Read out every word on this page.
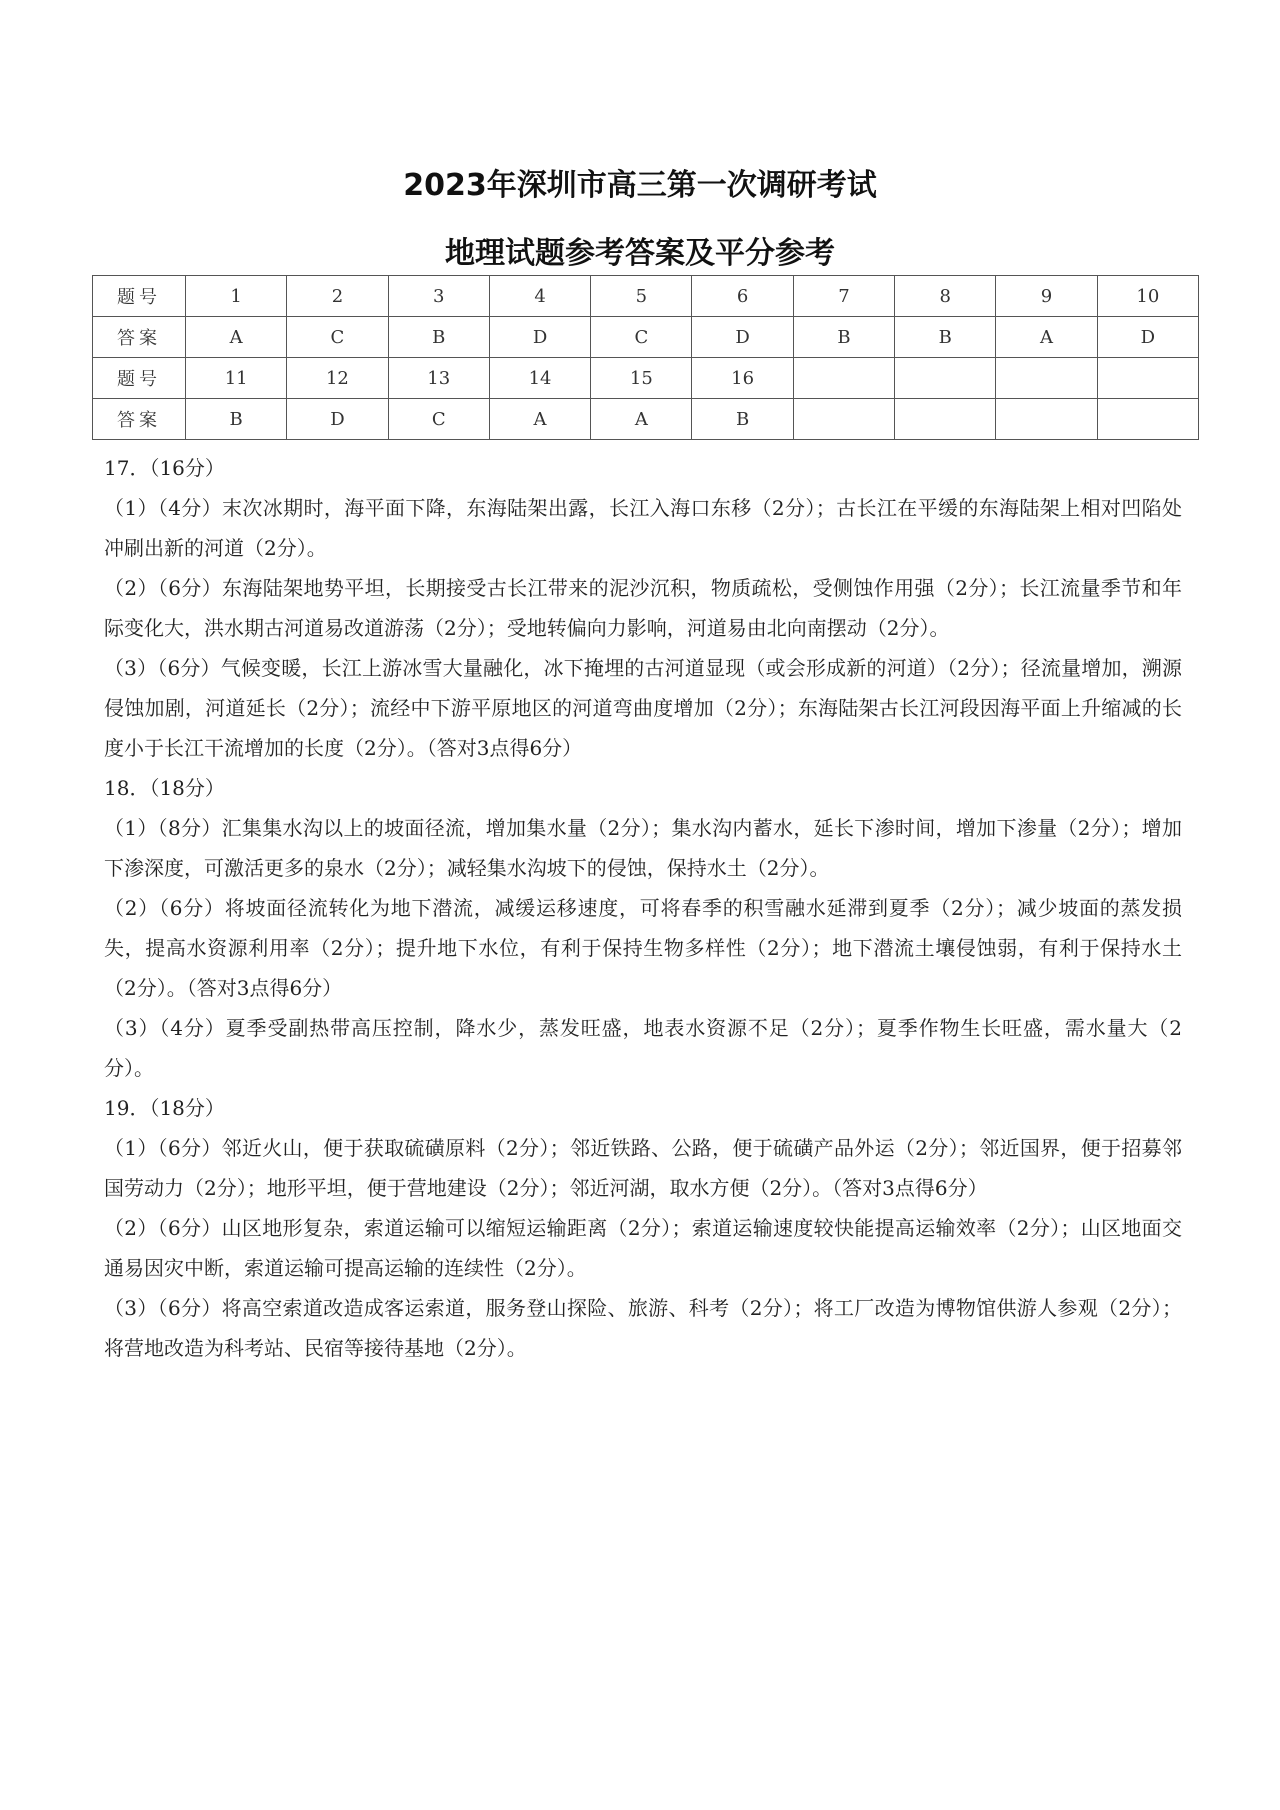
2023年深圳市高三第一次调研考试
地理试题参考答案及平分参考
题号	1	2	3	4	5	6	7	8	9	10
答案	A	C	B	D	C	D	B	B	A	D
题号	11	12	13	14	15	16				
答案	B	D	C	A	A	B				
17．（16分）
（1）（4分）末次冰期时，海平面下降，东海陆架出露，长江入海口东移（2分）；古长江在平缓的东海陆架上相对凹陷处冲刷出新的河道（2分）。
（2）（6分）东海陆架地势平坦，长期接受古长江带来的泥沙沉积，物质疏松，受侧蚀作用强（2分）；长江流量季节和年际变化大，洪水期古河道易改道游荡（2分）；受地转偏向力影响，河道易由北向南摆动（2分）。
（3）（6分）气候变暖，长江上游冰雪大量融化，冰下掩埋的古河道显现（或会形成新的河道）（2分）；径流量增加，溯源侵蚀加剧，河道延长（2分）；流经中下游平原地区的河道弯曲度增加（2分）；东海陆架古长江河段因海平面上升缩减的长度小于长江干流增加的长度（2分）。（答对3点得6分）
18．（18分）
（1）（8分）汇集集水沟以上的坡面径流，增加集水量（2分）；集水沟内蓄水，延长下渗时间，增加下渗量（2分）；增加下渗深度，可激活更多的泉水（2分）；减轻集水沟坡下的侵蚀，保持水土（2分）。
（2）（6分）将坡面径流转化为地下潜流，减缓运移速度，可将春季的积雪融水延滞到夏季（2分）；减少坡面的蒸发损失，提高水资源利用率（2分）；提升地下水位，有利于保持生物多样性（2分）；地下潜流土壤侵蚀弱，有利于保持水土（2分）。（答对3点得6分）
（3）（4分）夏季受副热带高压控制，降水少，蒸发旺盛，地表水资源不足（2分）；夏季作物生长旺盛，需水量大（2分）。
19．（18分）
（1）（6分）邻近火山，便于获取硫磺原料（2分）；邻近铁路、公路，便于硫磺产品外运（2分）；邻近国界，便于招募邻国劳动力（2分）；地形平坦，便于营地建设（2分）；邻近河湖，取水方便（2分）。（答对3点得6分）
（2）（6分）山区地形复杂，索道运输可以缩短运输距离（2分）；索道运输速度较快能提高运输效率（2分）；山区地面交通易因灾中断，索道运输可提高运输的连续性（2分）。
（3）（6分）将高空索道改造成客运索道，服务登山探险、旅游、科考（2分）；将工厂改造为博物馆供游人参观（2分）；将营地改造为科考站、民宿等接待基地（2分）。
